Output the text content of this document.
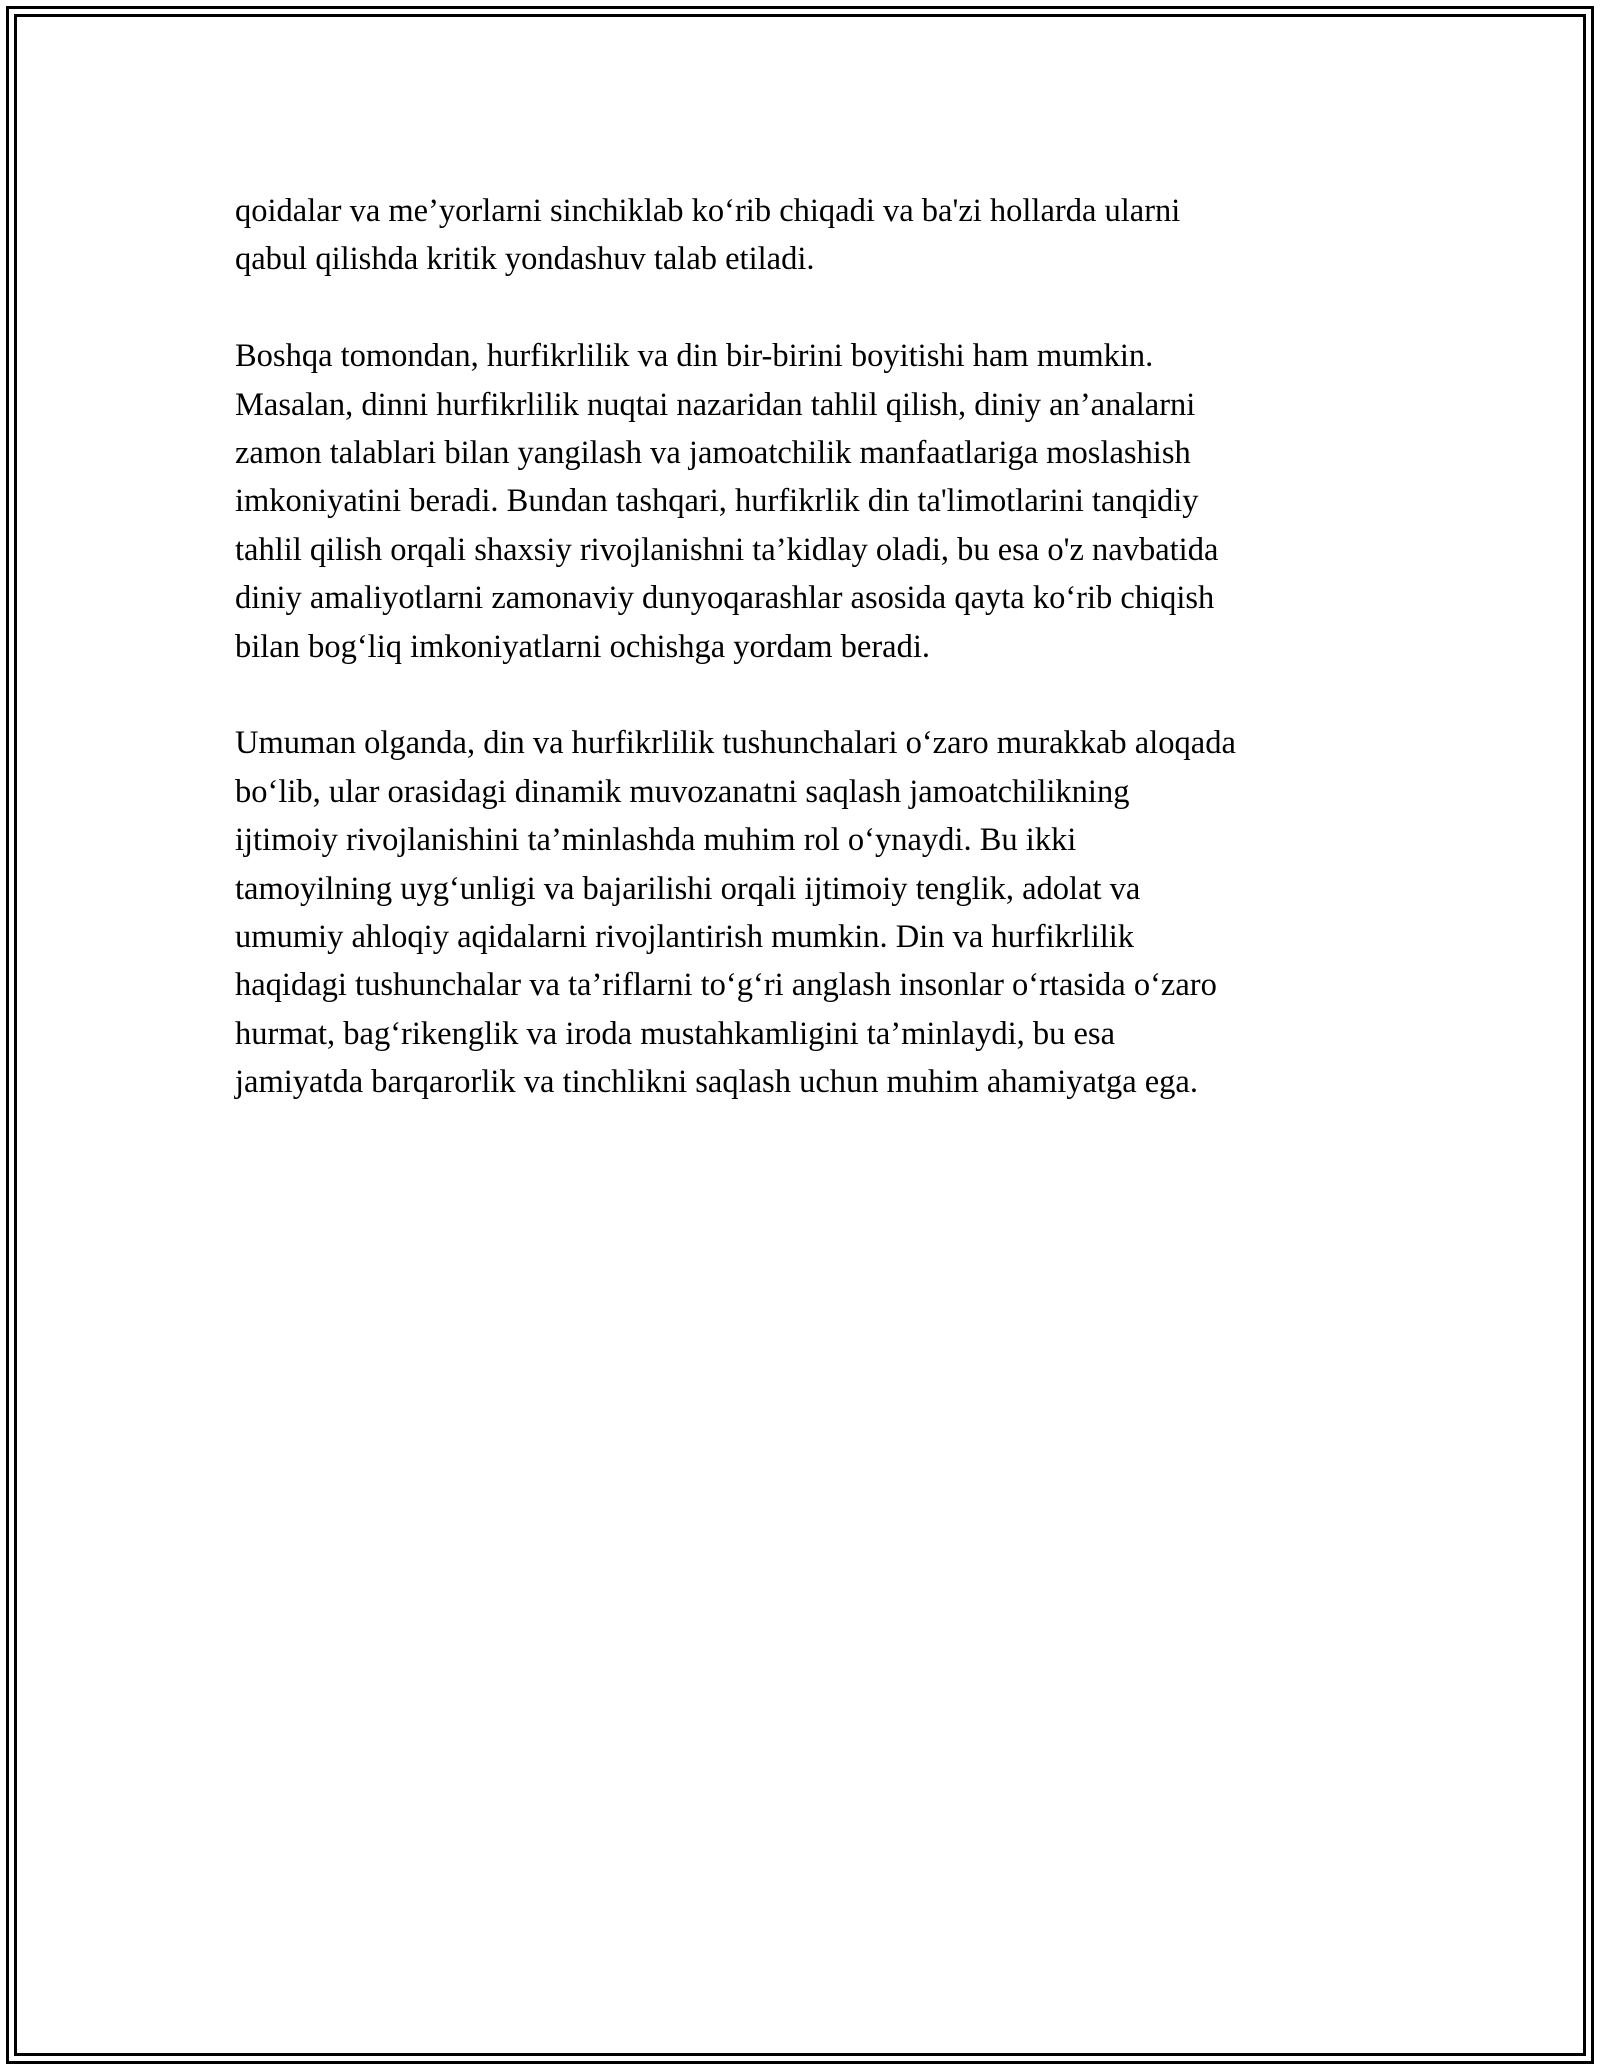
qoidalar va me’yorlarni sinchiklab ko‘rib chiqadi va ba'zi hollarda ularni
qabul qilishda kritik yondashuv talab etiladi.

Boshqa tomondan, hurfikrlilik va din bir-birini boyitishi ham mumkin.
Masalan, dinni hurfikrlilik nuqtai nazaridan tahlil qilish, diniy an’analarni
zamon talablari bilan yangilash va jamoatchilik manfaatlariga moslashish
imkoniyatini beradi. Bundan tashqari, hurfikrlik din ta'limotlarini tanqidiy
tahlil qilish orqali shaxsiy rivojlanishni ta’kidlay oladi, bu esa o'z navbatida
diniy amaliyotlarni zamonaviy dunyoqarashlar asosida qayta ko‘rib chiqish
bilan bog‘liq imkoniyatlarni ochishga yordam beradi.

Umuman olganda, din va hurfikrlilik tushunchalari o‘zaro murakkab aloqada
bo‘lib, ular orasidagi dinamik muvozanatni saqlash jamoatchilikning
ijtimoiy rivojlanishini ta’minlashda muhim rol o‘ynaydi. Bu ikki
tamoyilning uyg‘unligi va bajarilishi orqali ijtimoiy tenglik, adolat va
umumiy ahloqiy aqidalarni rivojlantirish mumkin. Din va hurfikrlilik
haqidagi tushunchalar va ta’riflarni to‘g‘ri anglash insonlar o‘rtasida o‘zaro
hurmat, bag‘rikenglik va iroda mustahkamligini ta’minlaydi, bu esa
jamiyatda barqarorlik va tinchlikni saqlash uchun muhim ahamiyatga ega.
